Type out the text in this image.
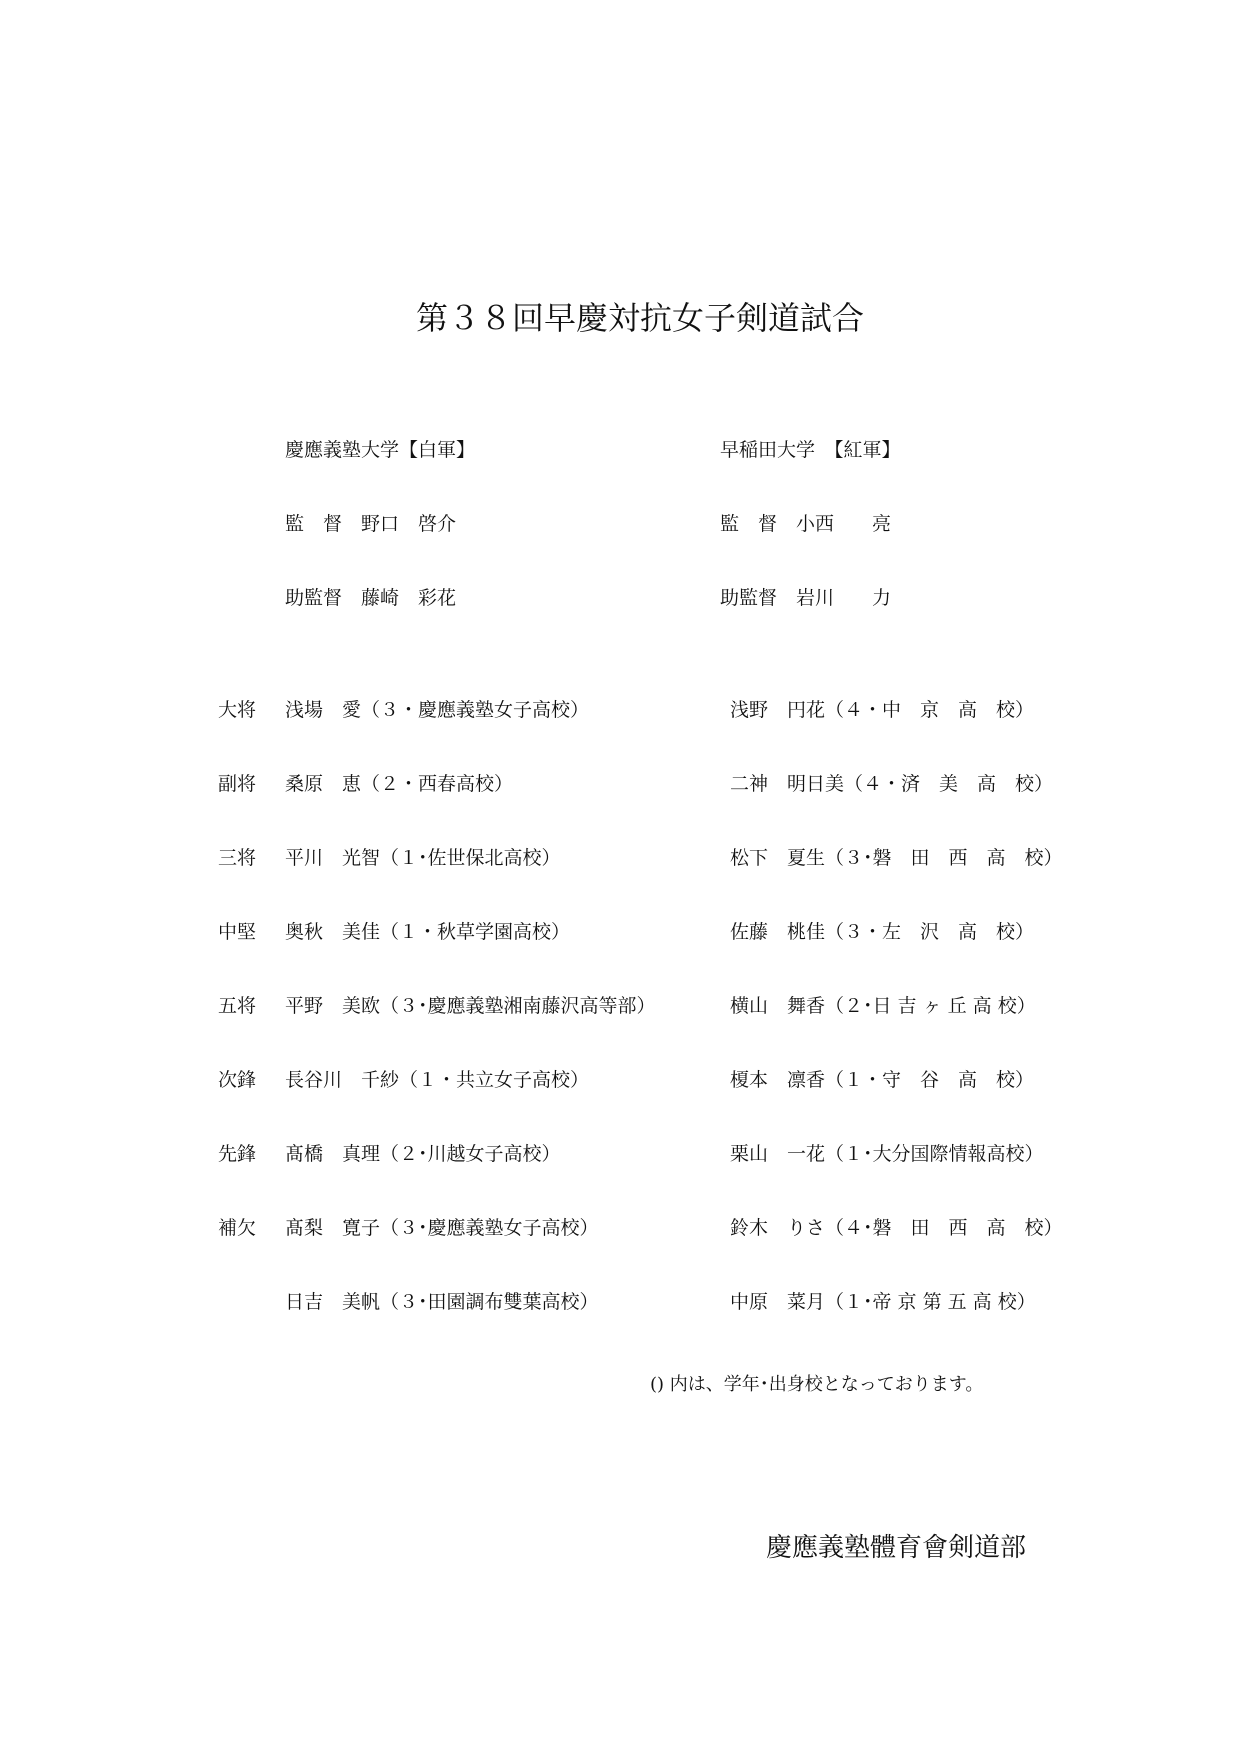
第３８回早慶対抗女子剣道試合
慶應義塾大学【白軍】	早稲田大学　【紅軍】
監　督　野口　啓介	監　督　小西　　亮
助監督　藤崎　彩花	助監督　岩川　　力
大将 浅場　愛（３・慶應義塾女子高校）	浅野　円花（４・中　京　高　校）
副将 桑原　恵（２・西春高校）	二神　明日美（４・済　美　高　校）
三将 平川　光智（１･佐世保北高校）	松下　夏生（３･磐　田　西　高　校）
中堅 奥秋　美佳（１・秋草学園高校）	佐藤　桃佳（３・左　沢　高　校）
五将 平野　美欧（３･慶應義塾湘南藤沢高等部）	横山　舞香（２･日 吉 ヶ 丘 高 校）
次鋒 長谷川　千紗（１・共立女子高校）	榎本　凛香（１・守　谷　高　校）
先鋒 髙橋　真理（２･川越女子高校）	栗山　一花（１･大分国際情報高校）
補欠 髙梨　寛子（３･慶應義塾女子高校）	鈴木　りさ（４･磐　田　西　高　校）
日吉　美帆（３･田園調布雙葉高校）	中原　菜月（１･帝 京 第 五 高 校）
() 内は、学年･出身校となっております。
慶應義塾體育會剣道部
